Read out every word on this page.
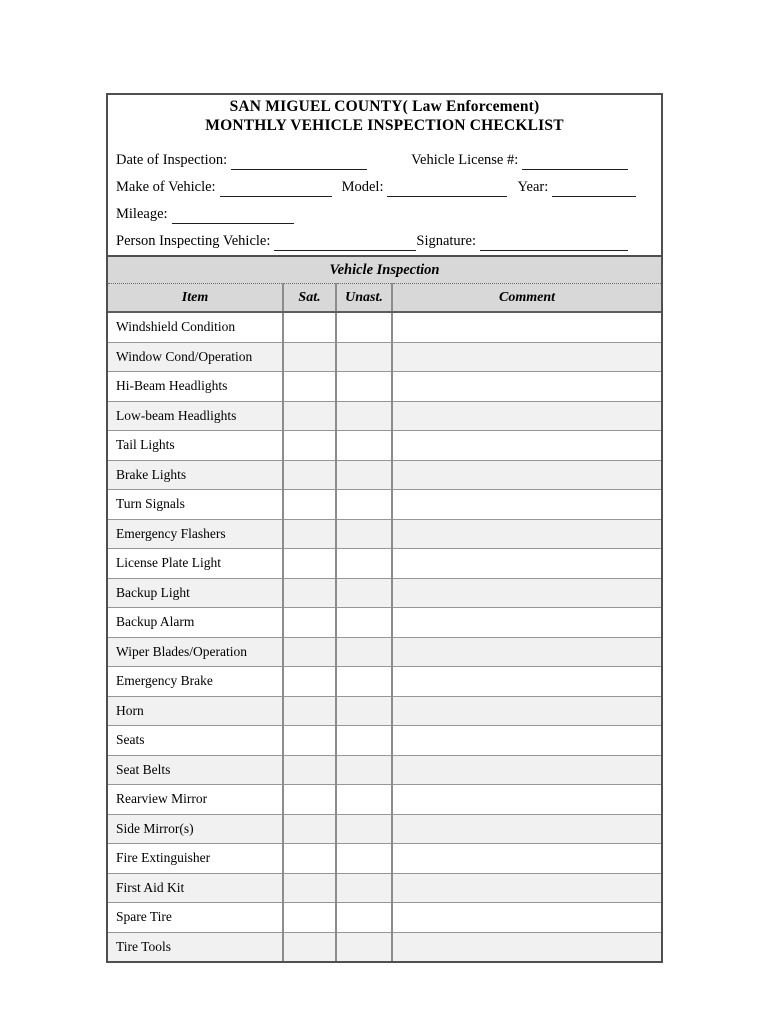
SAN MIGUEL COUNTY( Law Enforcement)
MONTHLY VEHICLE INSPECTION CHECKLIST
Date of Inspection:	Vehicle License #:
Make of Vehicle:	Model:	Year:
Mileage:
Person Inspecting Vehicle:	Signature:
Vehicle Inspection			
Item	Sat.	Unast.	Comment
Windshield Condition			
Window Cond/Operation			
Hi-Beam Headlights			
Low-beam Headlights			
Tail Lights			
Brake Lights			
Turn Signals			
Emergency Flashers			
License Plate Light			
Backup Light			
Backup Alarm			
Wiper Blades/Operation			
Emergency Brake			
Horn			
Seats			
Seat Belts			
Rearview Mirror			
Side Mirror(s)			
Fire Extinguisher			
First Aid Kit			
Spare Tire			
Tire Tools			
